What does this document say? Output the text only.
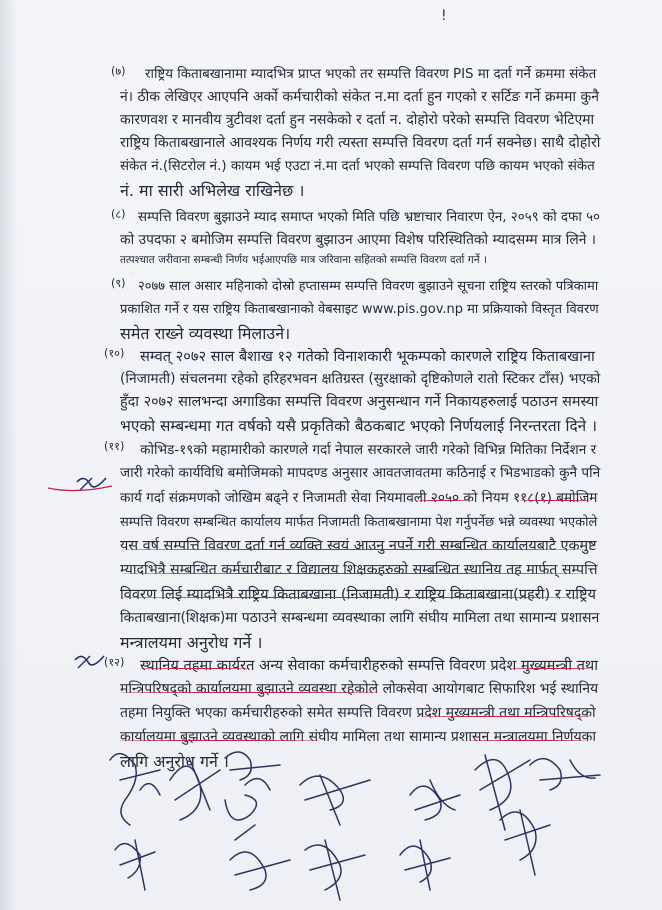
!
(७) राष्ट्रिय किताबखानामा म्यादभित्र प्राप्त भएको तर सम्पत्ति विवरण PIS मा दर्ता गर्ने क्रममा संकेत
नं। ठीक लेखिएर आएपनि अर्को कर्मचारीको संकेत न.मा दर्ता हुन गएको र सर्टिङ गर्ने क्रममा कुनै
कारणवश र मानवीय त्रुटीवश दर्ता हुन नसकेको र दर्ता न. दोहोरो परेको सम्पत्ति विवरण भेटिएमा
राष्ट्रिय किताबखानाले आवश्यक निर्णय गरी त्यस्ता सम्पत्ति विवरण दर्ता गर्न सक्नेछ। साथै दोहोरो
संकेत नं.(सिटरोल नं.) कायम भई एउटा नं.मा दर्ता भएको सम्पत्ति विवरण पछि कायम भएको संकेत
नं. मा सारी अभिलेख राखिनेछ ।
(८) सम्पत्ति विवरण बुझाउने म्याद समाप्त भएको मिति पछि भ्रष्टाचार निवारण ऐन, २०५९ को दफा ५०
को उपदफा २ बमोजिम सम्पत्ति विवरण बुझाउन आएमा विशेष परिस्थितिको म्यादसम्म मात्र लिने ।
तत्पश्चात जरीवाना सम्बन्धी निर्णय भईआएपछि मात्र जरिवाना सहितको सम्पत्ति विवरण दर्ता गर्ने ।
(९) २०७७ साल असार महिनाको दोस्रो हप्तासम्म सम्पत्ति विवरण बुझाउने सूचना राष्ट्रिय स्तरको पत्रिकामा
प्रकाशित गर्ने र यस राष्ट्रिय किताबखानाको वेबसाइट www.pis.gov.np मा प्रक्रियाको विस्तृत विवरण
समेत राख्ने व्यवस्था मिलाउने।
(१०) सम्वत् २०७२ साल बैशाख १२ गतेको विनाशकारी भूकम्पको कारणले राष्ट्रिय किताबखाना
(निजामती) संचलनमा रहेको हरिहरभवन क्षतिग्रस्त (सुरक्षाको दृष्टिकोणले रातो स्टिकर टाँस) भएको
हुँदा २०७२ सालभन्दा अगाडिका सम्पत्ति विवरण अनुसन्धान गर्ने निकायहरुलाई पठाउन समस्या
भएको सम्बन्धमा गत वर्षको यसै प्रकृतिको बैठकबाट भएको निर्णयलाई निरन्तरता दिने ।
(११) कोभिड-१९को महामारीको कारणले गर्दा नेपाल सरकारले जारी गरेको विभिन्न मितिका निर्देशन र
जारी गरेको कार्यविधि बमोजिमको मापदण्ड अनुसार आवतजावतमा कठिनाई र भिडभाडको कुनै पनि
कार्य गर्दा संक्रमणको जोखिम बढ्ने र निजामती सेवा नियमावली २०५० को नियम ११८(१) बमोजिम
सम्पत्ति विवरण सम्बन्धित कार्यालय मार्फत निजामती किताबखानामा पेश गर्नुपर्नेछ भन्ने व्यवस्था भएकोले
यस वर्ष सम्पत्ति विवरण दर्ता गर्न व्यक्ति स्वयं आउनु नपर्ने गरी सम्बन्धित कार्यालयबाटै एकमुष्ट
म्यादभित्रै सम्बन्धित कर्मचारीबाट र विद्यालय शिक्षकहरुको सम्बन्धित स्थानिय तह मार्फत् सम्पत्ति
विवरण लिई म्यादभित्रै राष्ट्रिय किताबखाना (निजामती) र राष्ट्रिय किताबखाना(प्रहरी) र राष्ट्रिय
किताबखाना(शिक्षक)मा पठाउने सम्बन्धमा व्यवस्थाका लागि संघीय मामिला तथा सामान्य प्रशासन
मन्त्रालयमा अनुरोध गर्ने ।
(१२) स्थानिय तहमा कार्यरत अन्य सेवाका कर्मचारीहरुको सम्पत्ति विवरण प्रदेश मुख्यमन्त्री तथा
मन्त्रिपरिषद्को कार्यालयमा बुझाउने व्यवस्था रहेकोले लोकसेवा आयोगबाट सिफारिश भई स्थानिय
तहमा नियुक्ति भएका कर्मचारीहरुको समेत सम्पत्ति विवरण प्रदेश मुख्यमन्त्री तथा मन्त्रिपरिषद्को
कार्यालयमा बुझाउने व्यवस्थाको लागि संघीय मामिला तथा सामान्य प्रशासन मन्त्रालयमा निर्णयका
लागि अनुरोध गर्ने ।
